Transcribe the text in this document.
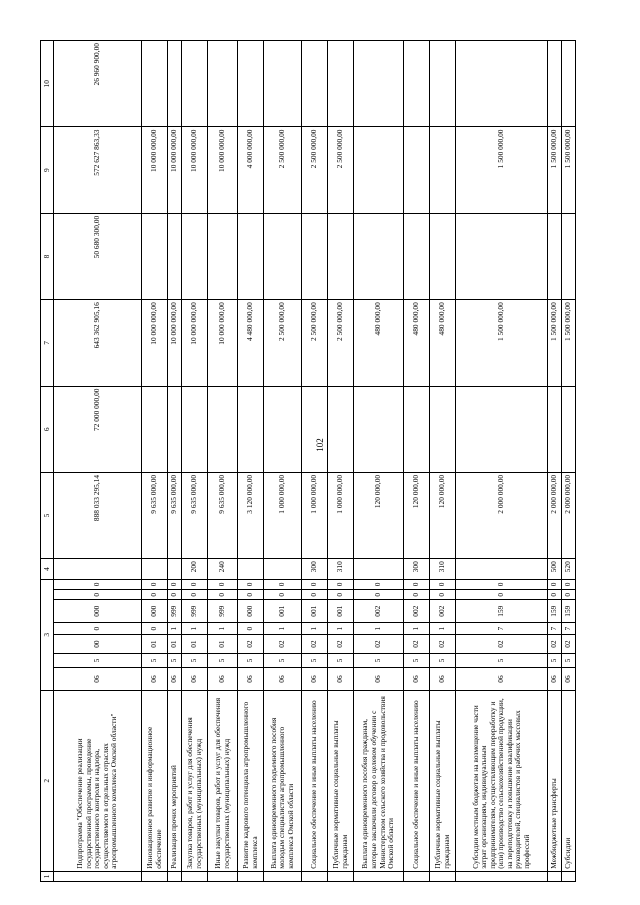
102
1	2	3							4	5	6	7	8	9	10
	Подпрограмма "Обеспечение реализации государственной программы, проведение государственного контроля и надзора, осуществляемого в отдельных отраслях агропромышленного комплекса Омской области"	06	5	00	0	000	0	0		888 033 295,14	72 000 000,00	643 362 905,16	50 680 300,00	572 627 863,33	26 960 900,00
	Инновационное развитие и информационное обеспечение	06	5	01	0	000	0	0		9 635 000,00		10 000 000,00		10 000 000,00	
	Реализация прочих мероприятий	06	5	01	1	999	0	0		9 635 000,00		10 000 000,00		10 000 000,00	
	Закупка товаров, работ и услуг для обеспечения государственных (муниципальных) нужд	06	5	01	1	999	0	0	200	9 635 000,00		10 000 000,00		10 000 000,00	
	Иные закупки товаров, работ и услуг для обеспечения государственных (муниципальных) нужд	06	5	01	1	999	0	0	240	9 635 000,00		10 000 000,00		10 000 000,00	
	Развитие кадрового потенциала агропромышленного комплекса	06	5	02	0	000	0	0		3 120 000,00		4 480 000,00		4 000 000,00	
	Выплата единовременного подъемного пособия молодым специалистам агропромышленного комплекса Омской области	06	5	02	1	001	0	0		1 000 000,00		2 500 000,00		2 500 000,00	
	Социальное обеспечение и иные выплаты населению	06	5	02	1	001	0	0	300	1 000 000,00		2 500 000,00		2 500 000,00	
	Публичные нормативные социальные выплаты гражданам	06	5	02	1	001	0	0	310	1 000 000,00		2 500 000,00		2 500 000,00	
	Выплата единовременного пособия гражданам, которые заключили договор о целевом обучении с Министерством сельского хозяйства и продовольствия Омской области	06	5	02	1	002	0	0		120 000,00		480 000,00			
	Социальное обеспечение и иные выплаты населению	06	5	02	1	002	0	0	300	120 000,00		480 000,00			
	Публичные нормативные социальные выплаты гражданам	06	5	02	1	002	0	0	310	120 000,00		480 000,00			
	Субсидии местным бюджетам на возмещение части затрат организациям, индивидуальным предпринимателям, осуществляющим переработку и (или) производство сельскохозяйственной продукции, на переподготовку и повышение квалификации руководителей, специалистов и рабочих массовых профессий	06	5	02	7	159	0	0		2 000 000,00		1 500 000,00		1 500 000,00	
	Межбюджетные трансферты	06	5	02	7	159	0	0	500	2 000 000,00		1 500 000,00		1 500 000,00	
	Субсидии	06	5	02	7	159	0	0	520	2 000 000,00		1 500 000,00		1 500 000,00	
